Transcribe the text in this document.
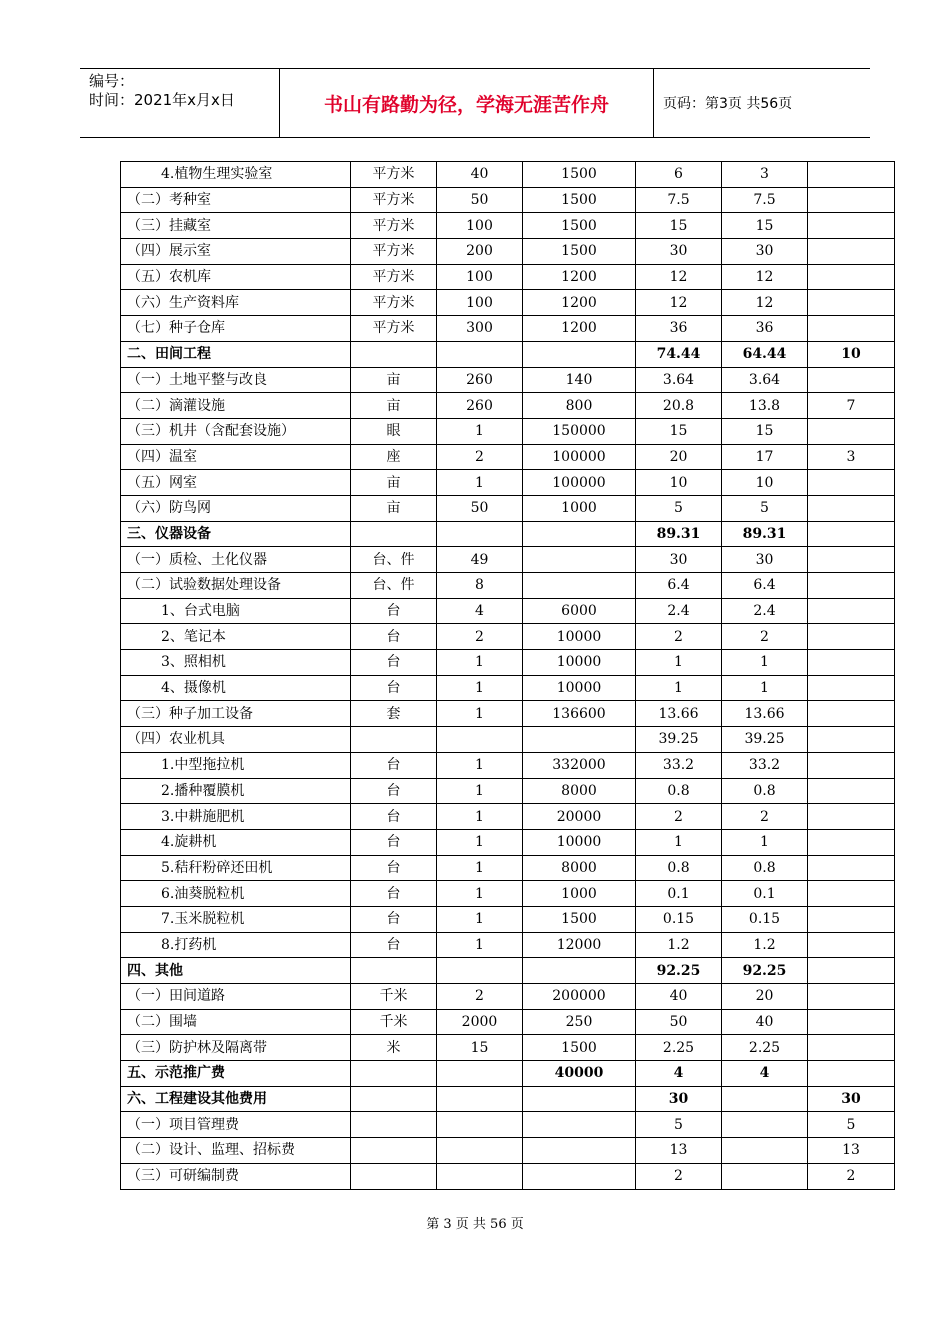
编号：
时间：2021年x月x日	书山有路勤为径，学海无涯苦作舟	页码：第3页 共56页
4.植物生理实验室	平方米	40	1500	6	3	
（二）考种室	平方米	50	1500	7.5	7.5	
（三）挂藏室	平方米	100	1500	15	15	
（四）展示室	平方米	200	1500	30	30	
（五）农机库	平方米	100	1200	12	12	
（六）生产资料库	平方米	100	1200	12	12	
（七）种子仓库	平方米	300	1200	36	36	
二、田间工程				74.44	64.44	10
（一）土地平整与改良	亩	260	140	3.64	3.64	
（二）滴灌设施	亩	260	800	20.8	13.8	7
（三）机井（含配套设施）	眼	1	150000	15	15	
（四）温室	座	2	100000	20	17	3
（五）网室	亩	1	100000	10	10	
（六）防鸟网	亩	50	1000	5	5	
三、仪器设备				89.31	89.31	
（一）质检、土化仪器	台、件	49		30	30	
（二）试验数据处理设备	台、件	8		6.4	6.4	
1、台式电脑	台	4	6000	2.4	2.4	
2、笔记本	台	2	10000	2	2	
3、照相机	台	1	10000	1	1	
4、摄像机	台	1	10000	1	1	
（三）种子加工设备	套	1	136600	13.66	13.66	
（四）农业机具				39.25	39.25	
1.中型拖拉机	台	1	332000	33.2	33.2	
2.播种覆膜机	台	1	8000	0.8	0.8	
3.中耕施肥机	台	1	20000	2	2	
4.旋耕机	台	1	10000	1	1	
5.秸秆粉碎还田机	台	1	8000	0.8	0.8	
6.油葵脱粒机	台	1	1000	0.1	0.1	
7.玉米脱粒机	台	1	1500	0.15	0.15	
8.打药机	台	1	12000	1.2	1.2	
四、其他				92.25	92.25	
（一）田间道路	千米	2	200000	40	20	
（二）围墙	千米	2000	250	50	40	
（三）防护林及隔离带	米	15	1500	2.25	2.25	
五、示范推广费			40000	4	4	
六、工程建设其他费用				30		30
（一）项目管理费				5		5
（二）设计、监理、招标费				13		13
（三）可研编制费				2		2
第 3 页 共 56 页
